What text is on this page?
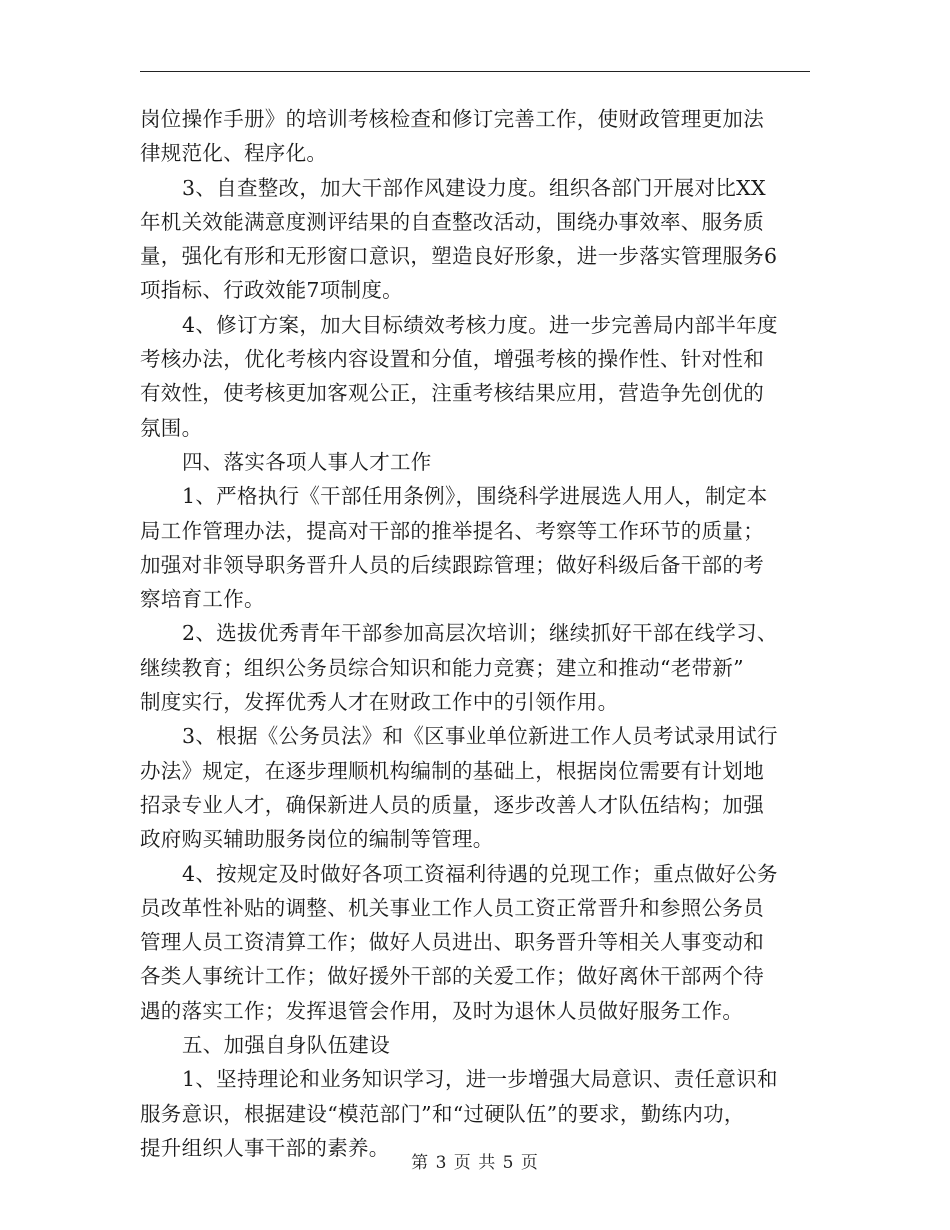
岗位操作手册》的培训考核检查和修订完善工作，使财政管理更加法

律规范化、程序化。

3、自查整改，加大干部作风建设力度。组织各部门开展对比XX

年机关效能满意度测评结果的自查整改活动，围绕办事效率、服务质

量，强化有形和无形窗口意识，塑造良好形象，进一步落实管理服务6

项指标、行政效能7项制度。

4、修订方案，加大目标绩效考核力度。进一步完善局内部半年度

考核办法，优化考核内容设置和分值，增强考核的操作性、针对性和

有效性，使考核更加客观公正，注重考核结果应用，营造争先创优的

氛围。

四、落实各项人事人才工作

1、严格执行《干部任用条例》，围绕科学进展选人用人，制定本

局工作管理办法，提高对干部的推举提名、考察等工作环节的质量；

加强对非领导职务晋升人员的后续跟踪管理；做好科级后备干部的考

察培育工作。

2、选拔优秀青年干部参加高层次培训；继续抓好干部在线学习、

继续教育；组织公务员综合知识和能力竞赛；建立和推动“老带新”

制度实行，发挥优秀人才在财政工作中的引领作用。

3、根据《公务员法》和《区事业单位新进工作人员考试录用试行

办法》规定，在逐步理顺机构编制的基础上，根据岗位需要有计划地

招录专业人才，确保新进人员的质量，逐步改善人才队伍结构；加强

政府购买辅助服务岗位的编制等管理。

4、按规定及时做好各项工资福利待遇的兑现工作；重点做好公务

员改革性补贴的调整、机关事业工作人员工资正常晋升和参照公务员

管理人员工资清算工作；做好人员进出、职务晋升等相关人事变动和

各类人事统计工作；做好援外干部的关爱工作；做好离休干部两个待

遇的落实工作；发挥退管会作用，及时为退休人员做好服务工作。

五、加强自身队伍建设

1、坚持理论和业务知识学习，进一步增强大局意识、责任意识和

服务意识，根据建设“模范部门”和“过硬队伍”的要求，勤练内功，

提升组织人事干部的素养。

第 3 页 共 5 页
